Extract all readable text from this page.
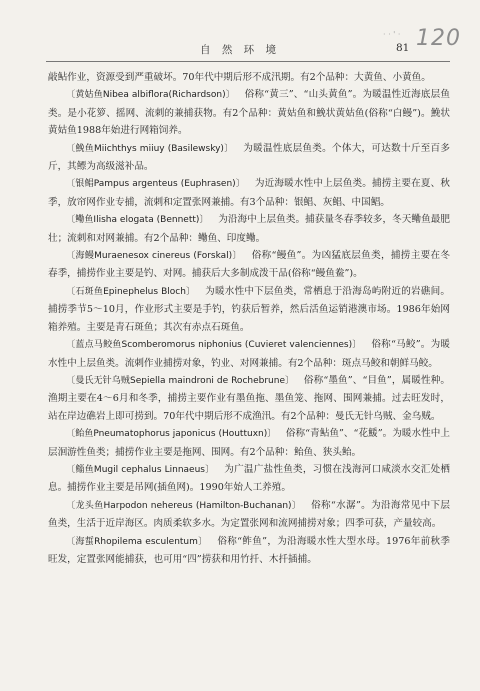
· · ' · 120
自 然 环 境	81

敲鲇作业，资源受到严重破坏。70年代中期后形不成汛期。有2个品种：大黄鱼、小黄鱼。

〔黄姑鱼Nibea albiflora(Richardson)〕  俗称“黄三”、“山头黄鱼”。为暖温性近海底层鱼类。是小花箩、摇网、流刺的兼捕获物。有2个品种：黄姑鱼和鮸状黄姑鱼(俗称“白鳗”)。鮸状黄姑鱼1988年始进行网箱饲养。

〔鮸鱼Miichthys miiuy (Basilewsky)〕  为暖温性底层鱼类。个体大，可达数十斤至百多斤，其鳔为高级滋补品。

〔银鲳Pampus argenteus (Euphrasen)〕  为近海暖水性中上层鱼类。捕捞主要在夏、秋季，放帘网作业专捕，流刺和定置张网兼捕。有3个品种：银鲳、灰鲳、中国鲳。

〔鳓鱼Ilisha elogata (Bennett)〕  为沿海中上层鱼类。捕获量冬春季较多，冬天鳓鱼最肥壮；流刺和对网兼捕。有2个品种：鳓鱼、印度鳓。

〔海鳗Muraenesox cinereus (Forskal)〕  俗称“鳗鱼”。为凶猛底层鱼类，捕捞主要在冬春季，捕捞作业主要是钓、对网。捕获后大多制成泼干品(俗称“鳗鱼鲞”)。

〔石斑鱼Epinephelus Bloch〕  为暖水性中下层鱼类，常栖息于沿海岛屿附近的岩礁间。捕捞季节5～10月，作业形式主要是手钓，钓获后暂养，然后活鱼运销港澳市场。1986年始网箱养殖。主要是青石斑鱼；其次有赤点石斑鱼。

〔蓝点马鲛鱼Scomberomorus niphonius (Cuvieret valenciennes)〕  俗称“马鲛”。为暖水性中上层鱼类。流刺作业捕捞对象，钓业、对网兼捕。有2个品种：斑点马鲛和朝鲜马鲛。

〔曼氏无针乌贼Sepiella maindroni de Rochebrune〕  俗称“墨鱼”、“目鱼”，属暖性种。渔期主要在4～6月和冬季，捕捞主要作业有墨鱼拖、墨鱼笼、拖网、围网兼捕。过去旺发时，站在岸边礁岩上即可捞到。70年代中期后形不成渔汛。有2个品种：曼氏无针乌贼、金乌贼。

〔鲐鱼Pneumatophorus japonicus (Houttuxn)〕  俗称“青鲇鱼”、“花鰀”。为暖水性中上层洄游性鱼类；捕捞作业主要是拖网、围网。有2个品种：鲐鱼、狭头鲐。

〔鲻鱼Mugil cephalus Linnaeus〕  为广温广盐性鱼类，习惯在浅海河口咸淡水交汇处栖息。捕捞作业主要是吊网(插鱼网)。1990年始人工养殖。

〔龙头鱼Harpodon nehereus (Hamilton-Buchanan)〕  俗称“水潺”。为沿海常见中下层鱼类，生活于近岸海区。肉质柔软多水。为定置张网和流网捕捞对象；四季可获，产量较高。

〔海蜇Rhopilema esculentum〕  俗称“鲊鱼”，为沿海暖水性大型水母。1976年前秋季旺发，定置张网能捕获，也可用“四”捞获和用竹扦、木扦插捕。
